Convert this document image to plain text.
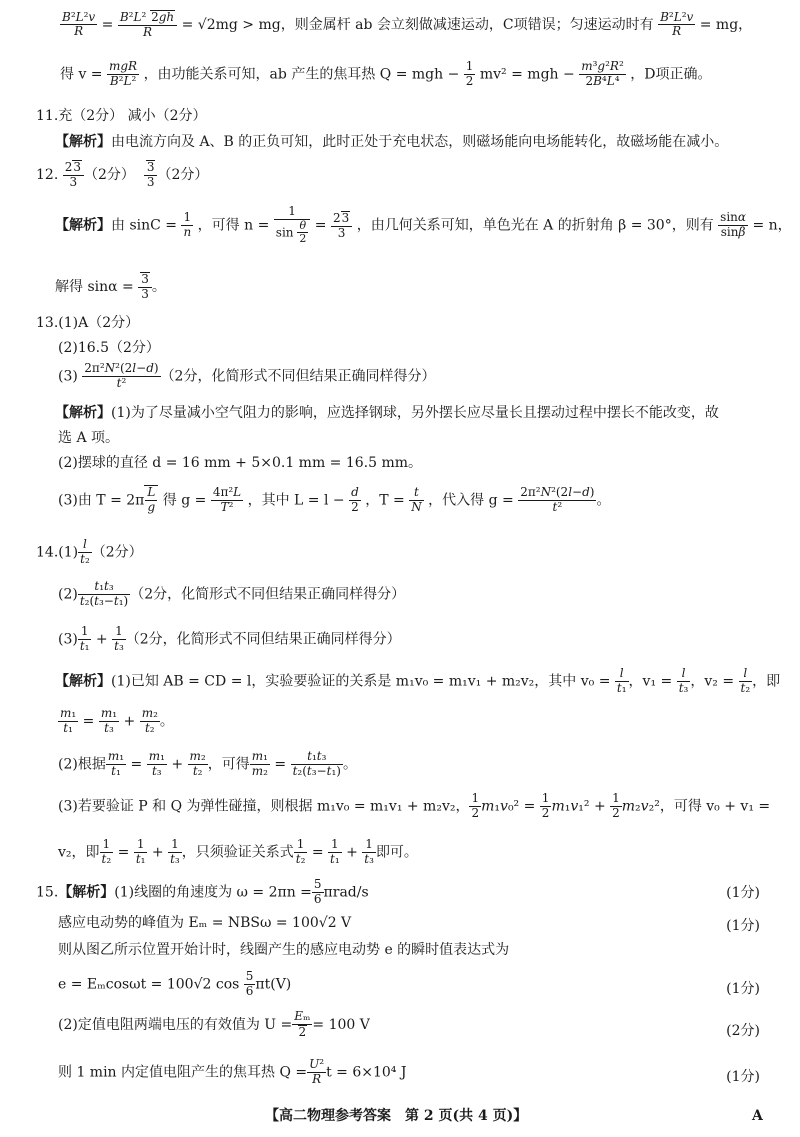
$\frac{\text{B²L²v}}{R} = \frac{\text{B²L² 2gh}}{R} = √2mg$ > mg，则金属杆 ab 会立刻做减速运动，C项错误；匀速运动时有 $\frac{\text{B²L²v}}{R}$ = mg，
得 $v = \frac{\text{mgR}}{\text{B²L²}}$ ，由功能关系可知，ab 产生的焦耳热 Q = mgh − $\frac{1}{2} mv^2$ = mgh − $\frac{\text{m³g²R²}}{\text{2B⁴L⁴}}$ ，D项正确。
11.充（2分） 减小（2分）
【解析】由电流方向及 A、B 的正负可知，此时正处于充电状态，则磁场能向电场能转化，故磁场能在减小。
12. $\frac{23}{3} (2$分） $\frac{3}{3} (2$分）
【解析】由 $\sin C = \frac{1}{n}$ ，可得 $n = \frac{1}{\sin \frac{\theta}{2}} = \frac{23}{3}$ ，由几何关系可知，单色光在 A 的折射角 β = 30°，则有 $\frac{\sin\alpha}{\sin\beta} = n$，
解得 $\sin\alpha = \frac{3}{3}$ 。
13.(1)A（2分）
(2)16.5（2分）
$(3) \frac{\text{2π²N²(2l−d)}}{\text{t²}} (2$分，化简形式不同但结果正确同样得分）
【解析】(1)为了尽量减小空气阻力的影响，应选择钢球，另外摆长应尽量长且摆动过程中摆长不能改变，故
选 A 项。
(2)摆球的直径 d = 16 mm + 5×0.1 mm = 16.5 mm。
(3)由 $T = 2\pi \frac{L}{g}$ 得 $g = \frac{\text{4π²L}}{\text{T²}}$ ，其中 $L = l - \frac{d}{2}$ ，$T = \frac{t}{N}$ ，代入得 $g = \frac{\text{2π²N²(2l−d)}}{\text{t²}}$ 。
$14.(1) \frac{l}{\text{t₂}} (2$分）
$(2) \frac{\text{t₁t₃}}{\text{t₂(t₃−t₁)}} (2$分，化简形式不同但结果正确同样得分）
$(3) \frac{1}{\text{t₁}} + \frac{1}{\text{t₃}} (2$分，化简形式不同但结果正确同样得分）
【解析】(1)已知 AB = CD = l，实验要验证的关系是 m₁v₀ = m₁v₁ + m₂v₂，其中 $v_0 = \frac{l}{\text{t₁}}$ ，$v_1 = \frac{l}{\text{t₃}}$ ，$v_2 = \frac{l}{\text{t₂}}$ ，即
$\frac{\text{m₁}}{\text{t₁}} = \frac{\text{m₁}}{\text{t₃}} + \frac{\text{m₂}}{\text{t₂}}$ 。
(2)根据 $\frac{\text{m₁}}{\text{t₁}} = \frac{\text{m₁}}{\text{t₃}} + \frac{\text{m₂}}{\text{t₂}}$ ，可得 $\frac{\text{m₁}}{\text{m₂}} = \frac{\text{t₁t₃}}{\text{t₂(t₃−t₁)}}$ 。
(3)若要验证 P 和 Q 为弹性碰撞，则根据 m₁v₀ = m₁v₁ + m₂v₂， $\frac{1}{2} m_1v_0^2 = \frac{1}{2} m_1v_1^2 + \frac{1}{2} m_2v_2^2$，可得 v₀ + v₁ =
v₂，即 $\frac{1}{\text{t₂}} = \frac{1}{\text{t₁}} + \frac{1}{\text{t₃}}$ ，只须验证关系式 $\frac{1}{\text{t₂}} = \frac{1}{\text{t₁}} + \frac{1}{\text{t₃}}$ 即可。
15.【解析】(1)线圈的角速度为 $\omega = 2\pi n = \frac{5}{6} \pi rad/s$	(1分)
感应电动势的峰值为 Eₘ = NBSω = 100√2 V	(1分)
则从图乙所示位置开始计时，线圈产生的感应电动势 e 的瞬时值表达式为
e = Eₘcosωt = 100√2 $\cos \frac{5}{6} \pi t(V)$	(1分)
(2)定值电阻两端电压的有效值为 $U = \frac{\text{Eₘ}}{2} = 100$ V	(2分)
则 1 min 内定值电阻产生的焦耳热 $Q = \frac{\text{U²}}{R}$ t = 6×10⁴ J	(1分)
【高二物理参考答案　第 2 页(共 4 页)】	A
